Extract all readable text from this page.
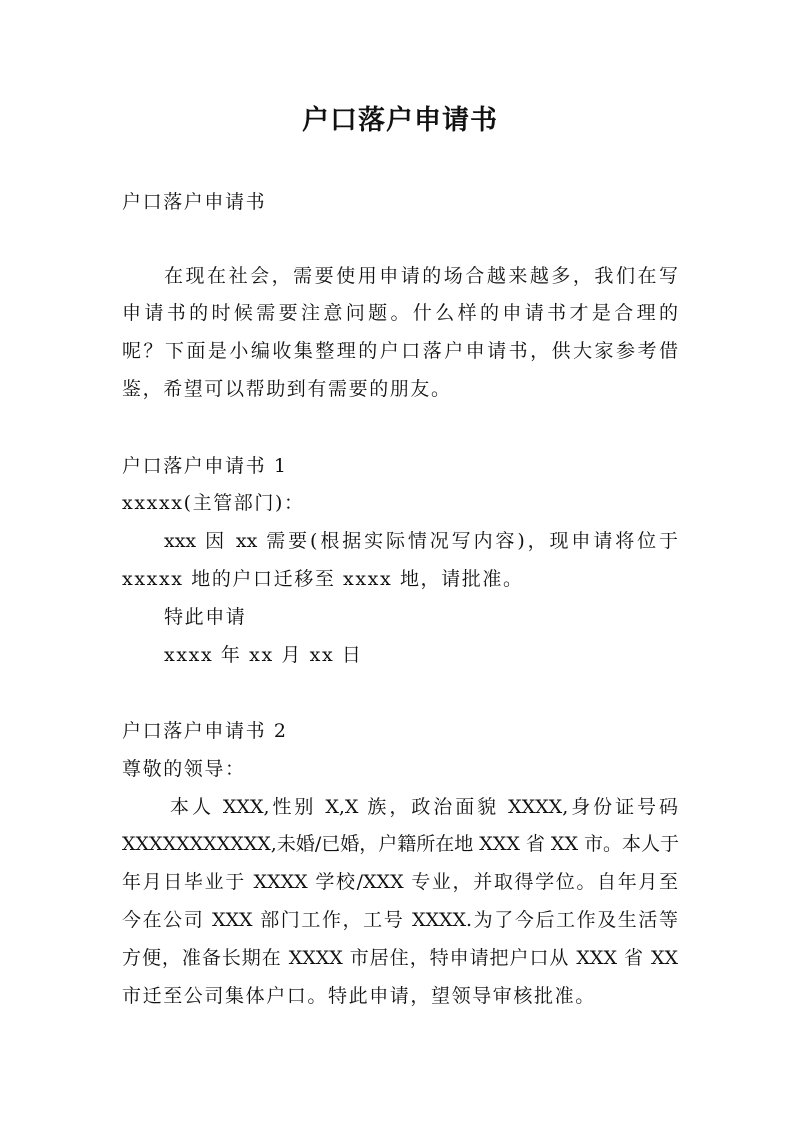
户口落户申请书
户口落户申请书
在现在社会，需要使用申请的场合越来越多，我们在写
申请书的时候需要注意问题。什么样的申请书才是合理的
呢？下面是小编收集整理的户口落户申请书，供大家参考借
鉴，希望可以帮助到有需要的朋友。
户口落户申请书 1
xxxxx(主管部门)：
xxx 因 xx 需要(根据实际情况写内容)，现申请将位于
xxxxx 地的户口迁移至 xxxx 地，请批准。
特此申请
xxxx 年 xx 月 xx 日
户口落户申请书 2
尊敬的领导：
本人 XXX,性别 X,X 族，政治面貌 XXXX,身份证号码
XXXXXXXXXXX,未婚/已婚，户籍所在地 XXX 省 XX 市。本人于
年月日毕业于 XXXX 学校/XXX 专业，并取得学位。自年月至
今在公司 XXX 部门工作，工号 XXXX.为了今后工作及生活等
方便，准备长期在 XXXX 市居住，特申请把户口从 XXX 省 XX
市迁至公司集体户口。特此申请，望领导审核批准。
